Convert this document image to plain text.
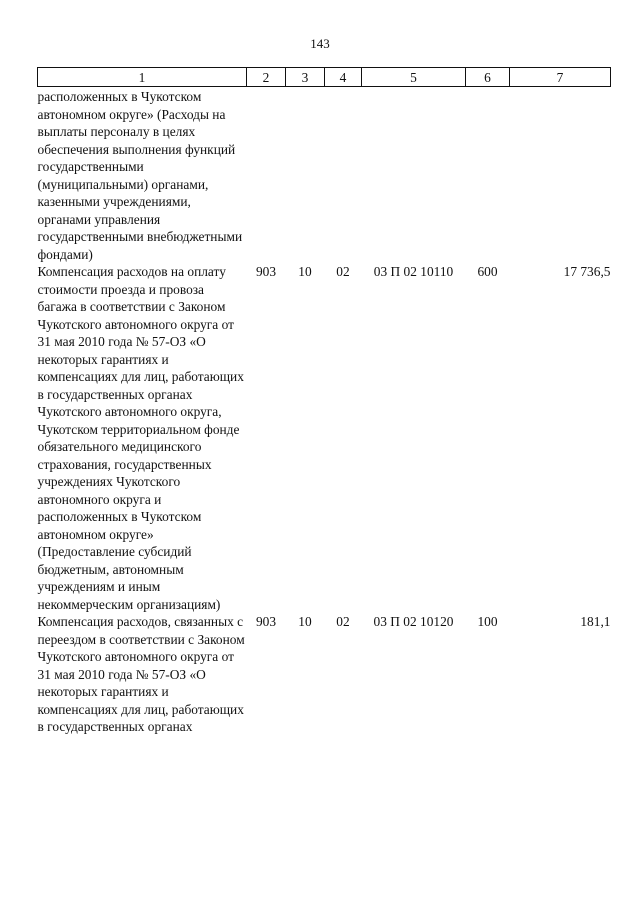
143
1	2	3	4	5	6	7
расположенных в Чукотском автономном округе» (Расходы на выплаты персоналу в целях обеспечения выполнения функций государственными (муниципальными) органами, казенными учреждениями, органами управления государственными внебюджетными фондами)						
Компенсация расходов на оплату стоимости проезда и провоза багажа в соответствии с Законом Чукотского автономного округа от 31 мая 2010 года № 57-ОЗ «О некоторых гарантиях и компенсациях для лиц, работающих в государственных органах Чукотского автономного округа, Чукотском территориальном фонде обязательного медицинского страхования, государственных учреждениях Чукотского автономного округа и расположенных в Чукотском автономном округе» (Предоставление субсидий бюджетным, автономным учреждениям и иным некоммерческим организациям)	903	10	02	03 П 02 10110	600	17 736,5
Компенсация расходов, связанных с переездом в соответствии с Законом Чукотского автономного округа от 31 мая 2010 года № 57-ОЗ «О некоторых гарантиях и компенсациях для лиц, работающих в государственных органах	903	10	02	03 П 02 10120	100	181,1
